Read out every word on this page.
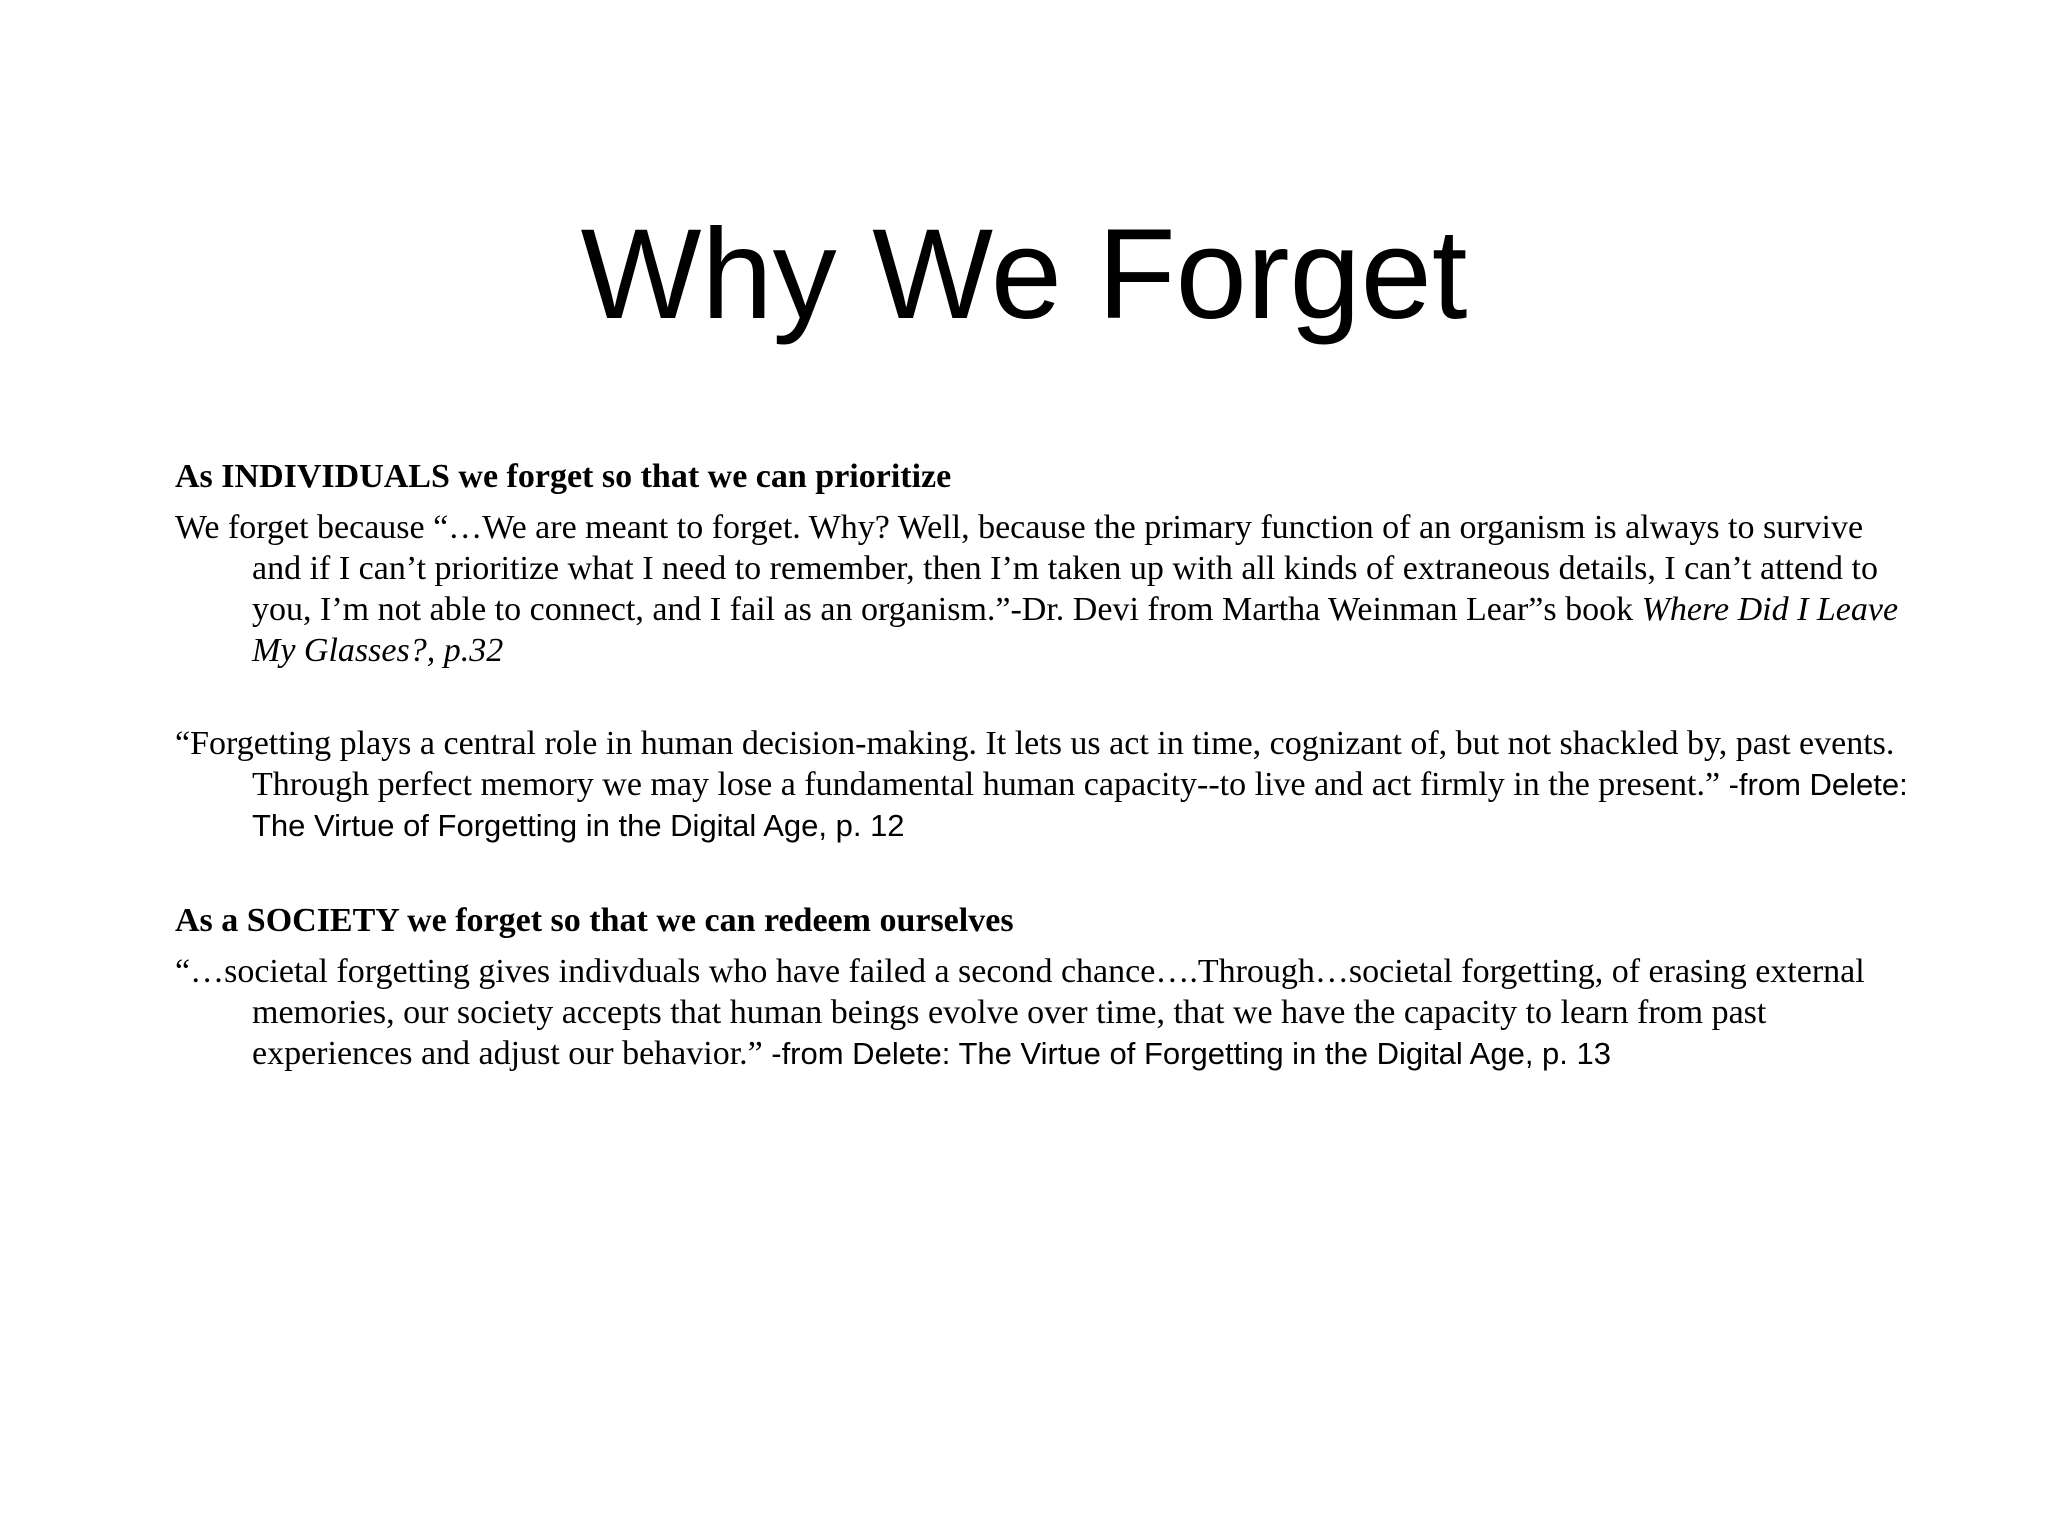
Why We Forget

As INDIVIDUALS we forget so that we can prioritize

We forget because “…We are meant to forget. Why? Well, because the primary function of an organism is always to survive and if I can’t prioritize what I need to remember, then I’m taken up with all kinds of extraneous details, I can’t attend to you, I’m not able to connect, and I fail as an organism.”-Dr. Devi from Martha Weinman Lear”s book Where Did I Leave My Glasses?, p.32

“Forgetting plays a central role in human decision-making. It lets us act in time, cognizant of, but not shackled by, past events. Through perfect memory we may lose a fundamental human capacity--to live and act firmly in the present.” -from Delete: The Virtue of Forgetting in the Digital Age, p. 12

As a SOCIETY we forget so that we can redeem ourselves

“…societal forgetting gives indivduals who have failed a second chance….Through…societal forgetting, of erasing external memories, our society accepts that human beings evolve over time, that we have the capacity to learn from past experiences and adjust our behavior.” -from Delete: The Virtue of Forgetting in the Digital Age, p. 13
